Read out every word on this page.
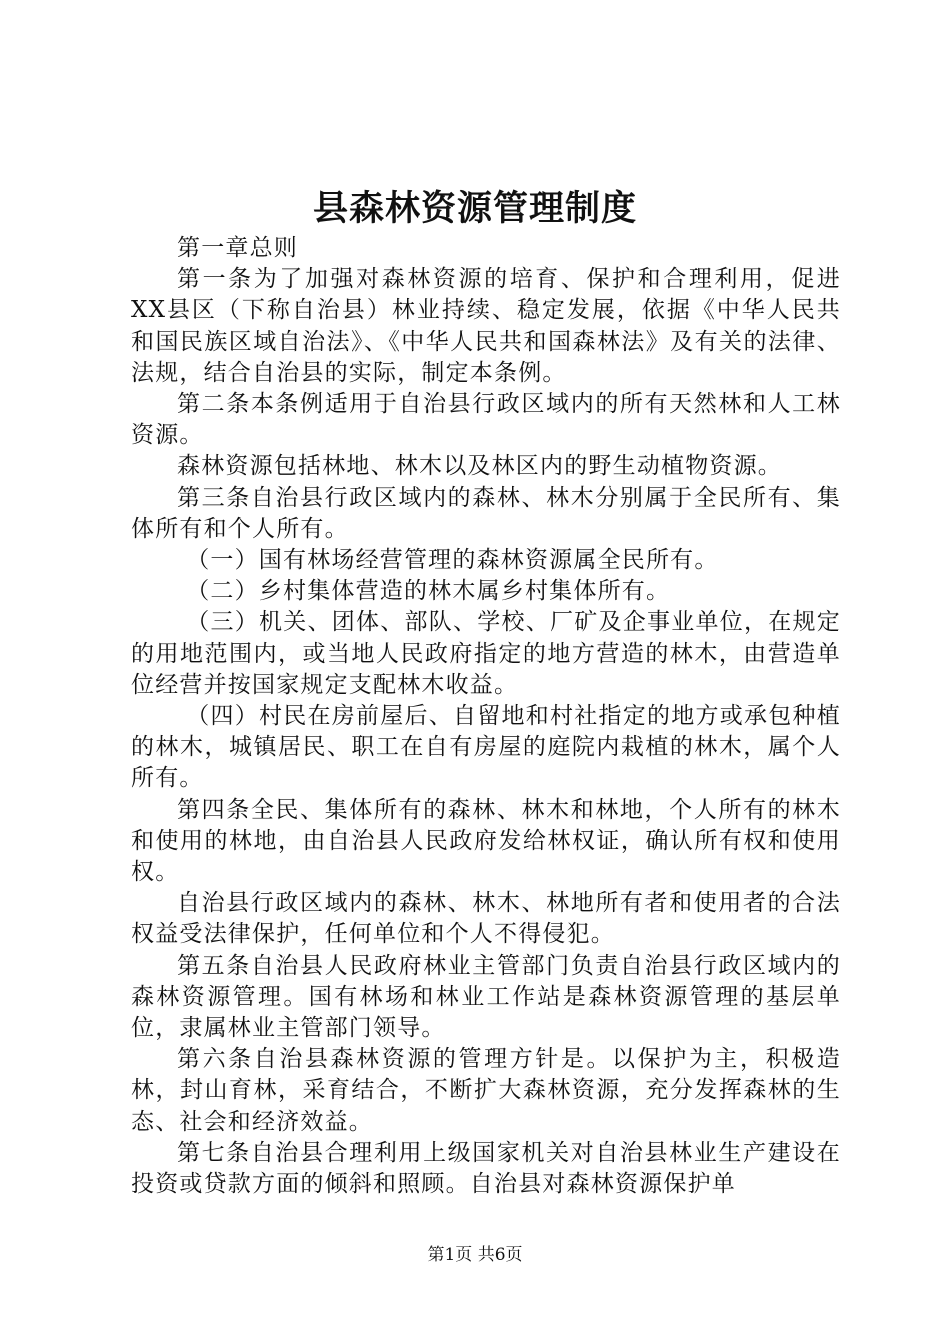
县森林资源管理制度

第一章总则

第一条为了加强对森林资源的培育、保护和合理利用，促进XX县区（下称自治县）林业持续、稳定发展，依据《中华人民共和国民族区域自治法》、《中华人民共和国森林法》及有关的法律、法规，结合自治县的实际，制定本条例。

第二条本条例适用于自治县行政区域内的所有天然林和人工林资源。

森林资源包括林地、林木以及林区内的野生动植物资源。

第三条自治县行政区域内的森林、林木分别属于全民所有、集体所有和个人所有。

（一）国有林场经营管理的森林资源属全民所有。

（二）乡村集体营造的林木属乡村集体所有。

（三）机关、团体、部队、学校、厂矿及企事业单位，在规定的用地范围内，或当地人民政府指定的地方营造的林木，由营造单位经营并按国家规定支配林木收益。

（四）村民在房前屋后、自留地和村社指定的地方或承包种植的林木，城镇居民、职工在自有房屋的庭院内栽植的林木，属个人所有。

第四条全民、集体所有的森林、林木和林地，个人所有的林木和使用的林地，由自治县人民政府发给林权证，确认所有权和使用权。

自治县行政区域内的森林、林木、林地所有者和使用者的合法权益受法律保护，任何单位和个人不得侵犯。

第五条自治县人民政府林业主管部门负责自治县行政区域内的森林资源管理。国有林场和林业工作站是森林资源管理的基层单位，隶属林业主管部门领导。

第六条自治县森林资源的管理方针是。以保护为主，积极造林，封山育林，采育结合，不断扩大森林资源，充分发挥森林的生态、社会和经济效益。

第七条自治县合理利用上级国家机关对自治县林业生产建设在投资或贷款方面的倾斜和照顾。自治县对森林资源保护单

第1页 共6页
